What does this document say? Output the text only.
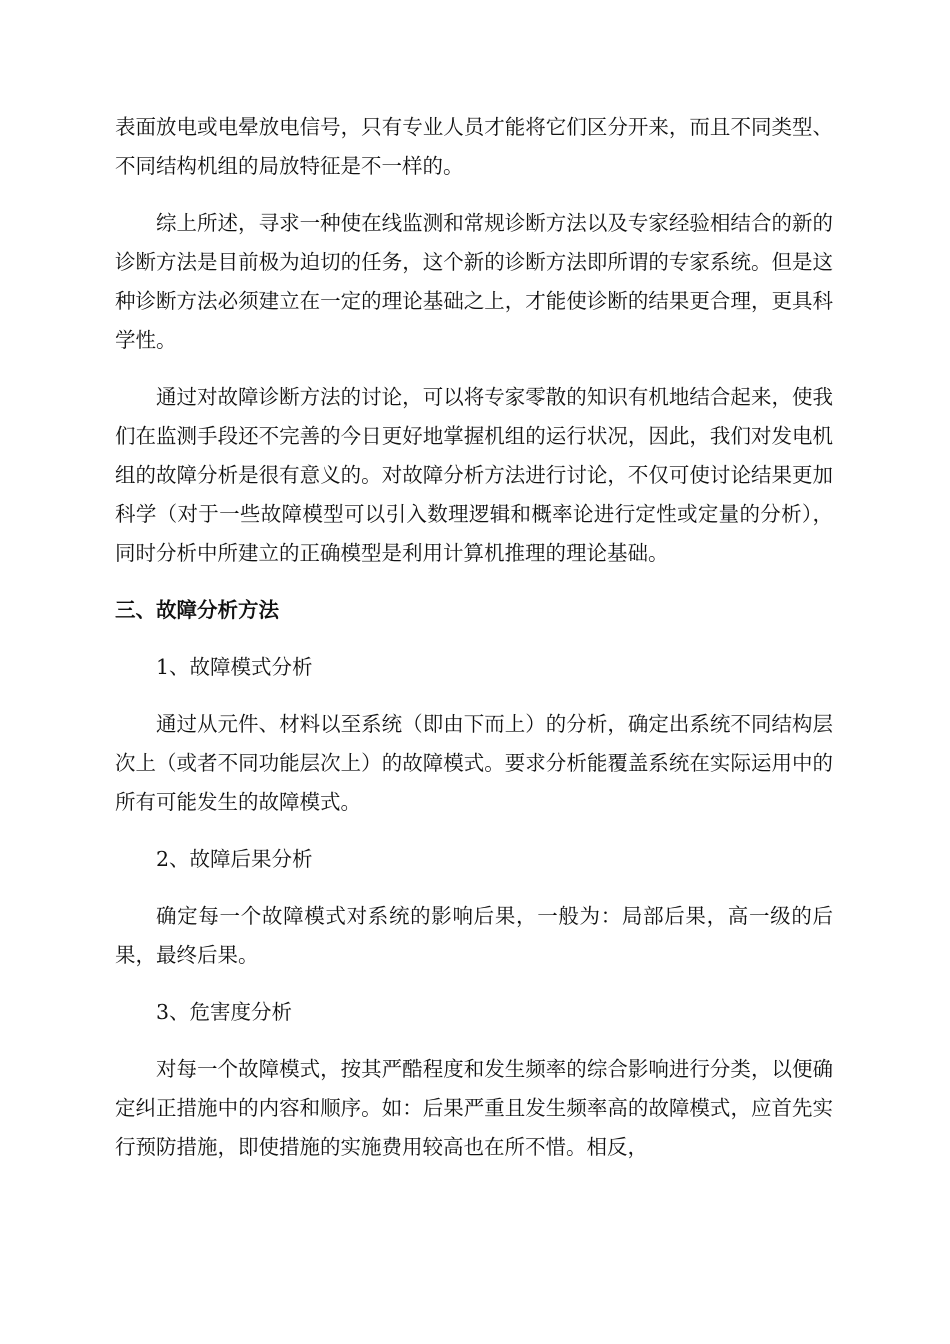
表面放电或电晕放电信号，只有专业人员才能将它们区分开来，而且不同类型、不同结构机组的局放特征是不一样的。

综上所述，寻求一种使在线监测和常规诊断方法以及专家经验相结合的新的诊断方法是目前极为迫切的任务，这个新的诊断方法即所谓的专家系统。但是这种诊断方法必须建立在一定的理论基础之上，才能使诊断的结果更合理，更具科学性。

通过对故障诊断方法的讨论，可以将专家零散的知识有机地结合起来，使我们在监测手段还不完善的今日更好地掌握机组的运行状况，因此，我们对发电机组的故障分析是很有意义的。对故障分析方法进行讨论，不仅可使讨论结果更加科学（对于一些故障模型可以引入数理逻辑和概率论进行定性或定量的分析），同时分析中所建立的正确模型是利用计算机推理的理论基础。

三、故障分析方法
1、故障模式分析

通过从元件、材料以至系统（即由下而上）的分析，确定出系统不同结构层次上（或者不同功能层次上）的故障模式。要求分析能覆盖系统在实际运用中的所有可能发生的故障模式。

2、故障后果分析

确定每一个故障模式对系统的影响后果，一般为：局部后果，高一级的后果，最终后果。

3、危害度分析

对每一个故障模式，按其严酷程度和发生频率的综合影响进行分类，以便确定纠正措施中的内容和顺序。如：后果严重且发生频率高的故障模式，应首先实行预防措施，即使措施的实施费用较高也在所不惜。相反，
